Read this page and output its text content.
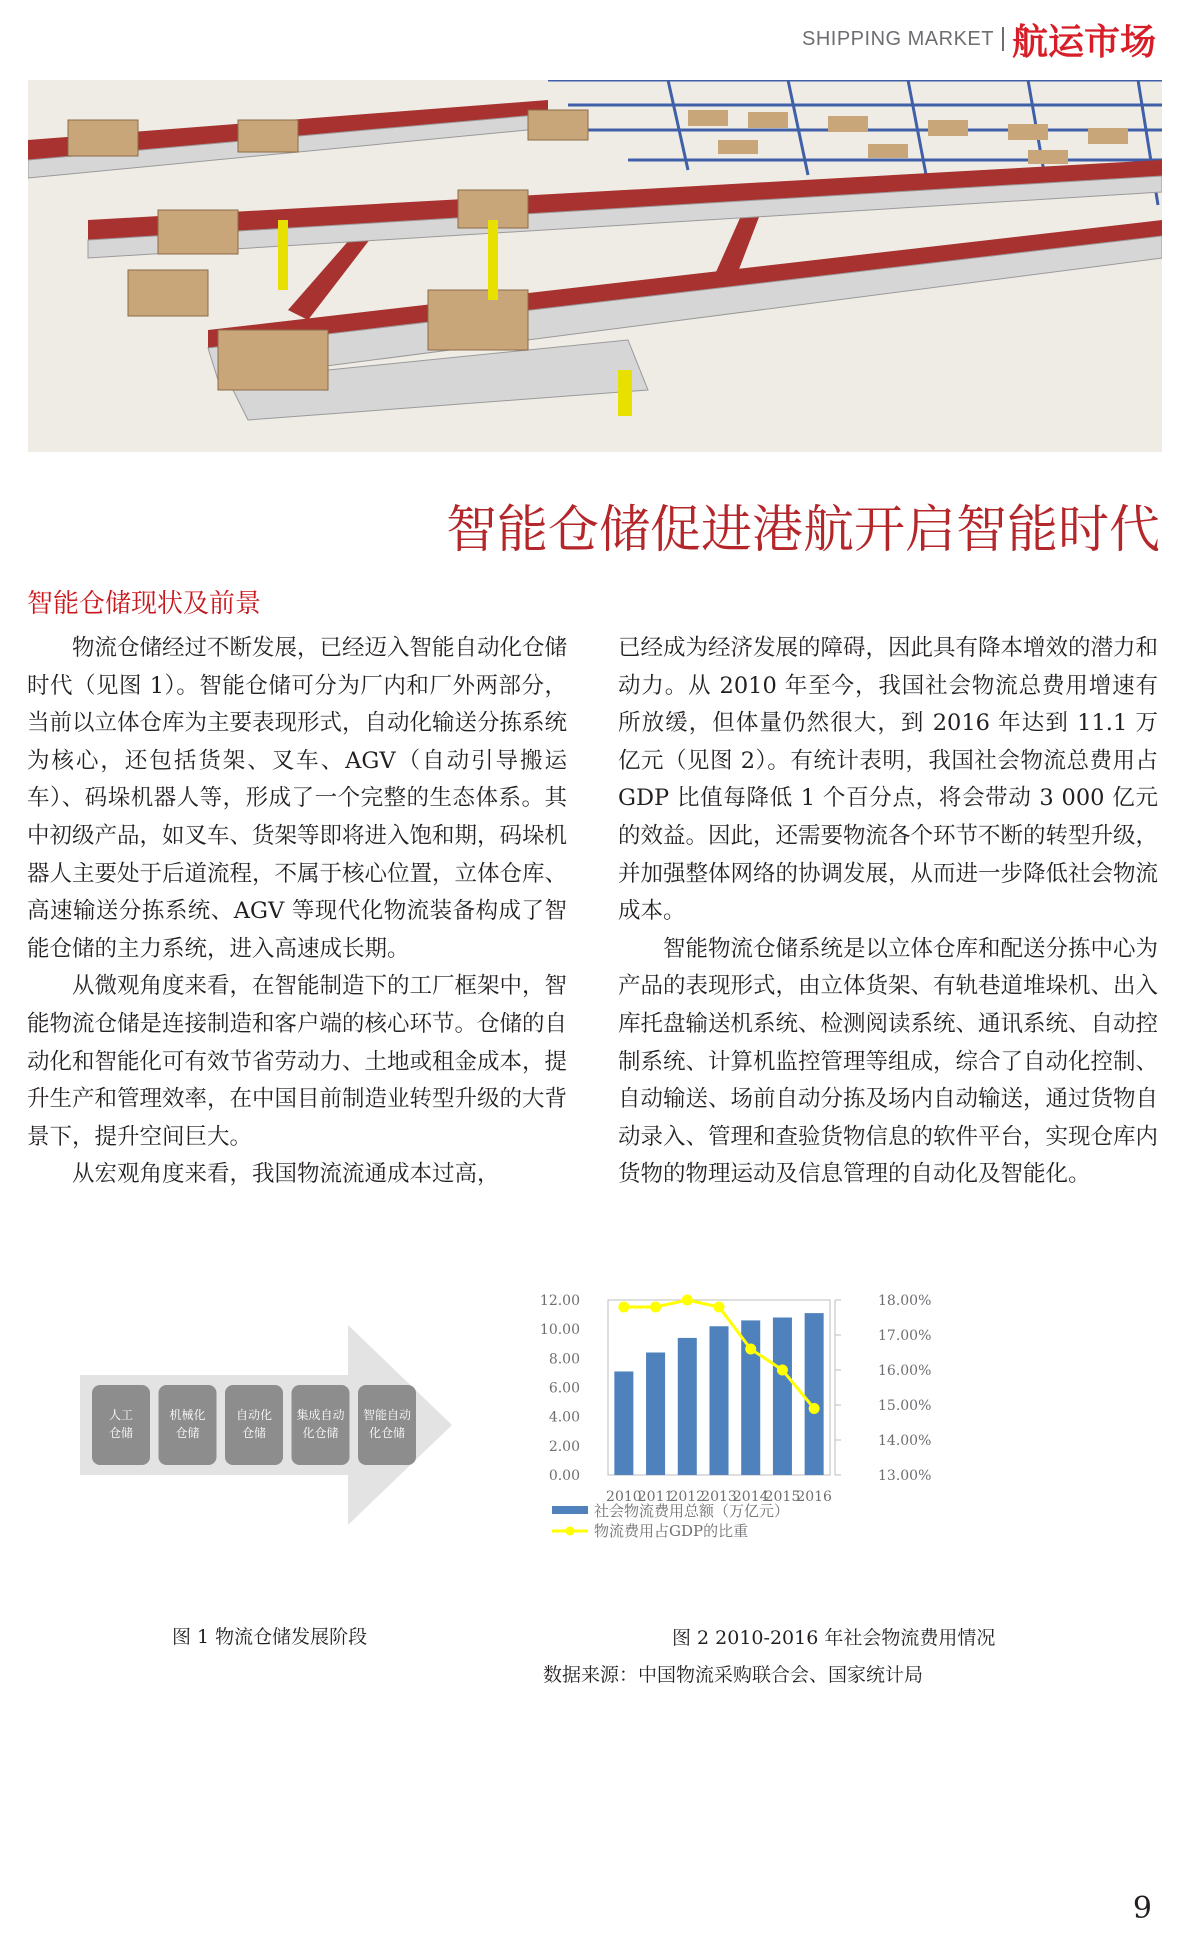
SHIPPING MARKET 航运市场
智能仓储促进港航开启智能时代
智能仓储现状及前景

物流仓储经过不断发展，已经迈入智能自动化仓储时代（见图 1）。智能仓储可分为厂内和厂外两部分，当前以立体仓库为主要表现形式，自动化输送分拣系统为核心，还包括货架、叉车、AGV（自动引导搬运车）、码垛机器人等，形成了一个完整的生态体系。其中初级产品，如叉车、货架等即将进入饱和期，码垛机器人主要处于后道流程，不属于核心位置，立体仓库、高速输送分拣系统、AGV 等现代化物流装备构成了智能仓储的主力系统，进入高速成长期。

从微观角度来看，在智能制造下的工厂框架中，智能物流仓储是连接制造和客户端的核心环节。仓储的自动化和智能化可有效节省劳动力、土地或租金成本，提升生产和管理效率，在中国目前制造业转型升级的大背景下，提升空间巨大。

从宏观角度来看，我国物流流通成本过高，

已经成为经济发展的障碍，因此具有降本增效的潜力和动力。从 2010 年至今，我国社会物流总费用增速有所放缓，但体量仍然很大，到 2016 年达到 11.1 万亿元（见图 2）。有统计表明，我国社会物流总费用占 GDP 比值每降低 1 个百分点，将会带动 3 000 亿元的效益。因此，还需要物流各个环节不断的转型升级，并加强整体网络的协调发展，从而进一步降低社会物流成本。

智能物流仓储系统是以立体仓库和配送分拣中心为产品的表现形式，由立体货架、有轨巷道堆垛机、出入库托盘输送机系统、检测阅读系统、通讯系统、自动控制系统、计算机监控管理等组成，综合了自动化控制、自动输送、场前自动分拣及场内自动输送，通过货物自动录入、管理和查验货物信息的软件平台，实现仓库内货物的物理运动及信息管理的自动化及智能化。

人工
仓储
机械化
仓储
自动化
仓储
集成自动
化仓储
智能自动
化仓储
图 1 物流仓储发展阶段
0.00
2.00
4.00
6.00
8.00
10.00
12.00
13.00%
14.00%
15.00%
16.00%
17.00%
18.00%
2010
2011
2012
2013
2014
2015
2016
社会物流费用总额（万亿元）
物流费用占GDP的比重
图 2 2010-2016 年社会物流费用情况
数据来源：中国物流采购联合会、国家统计局
9
